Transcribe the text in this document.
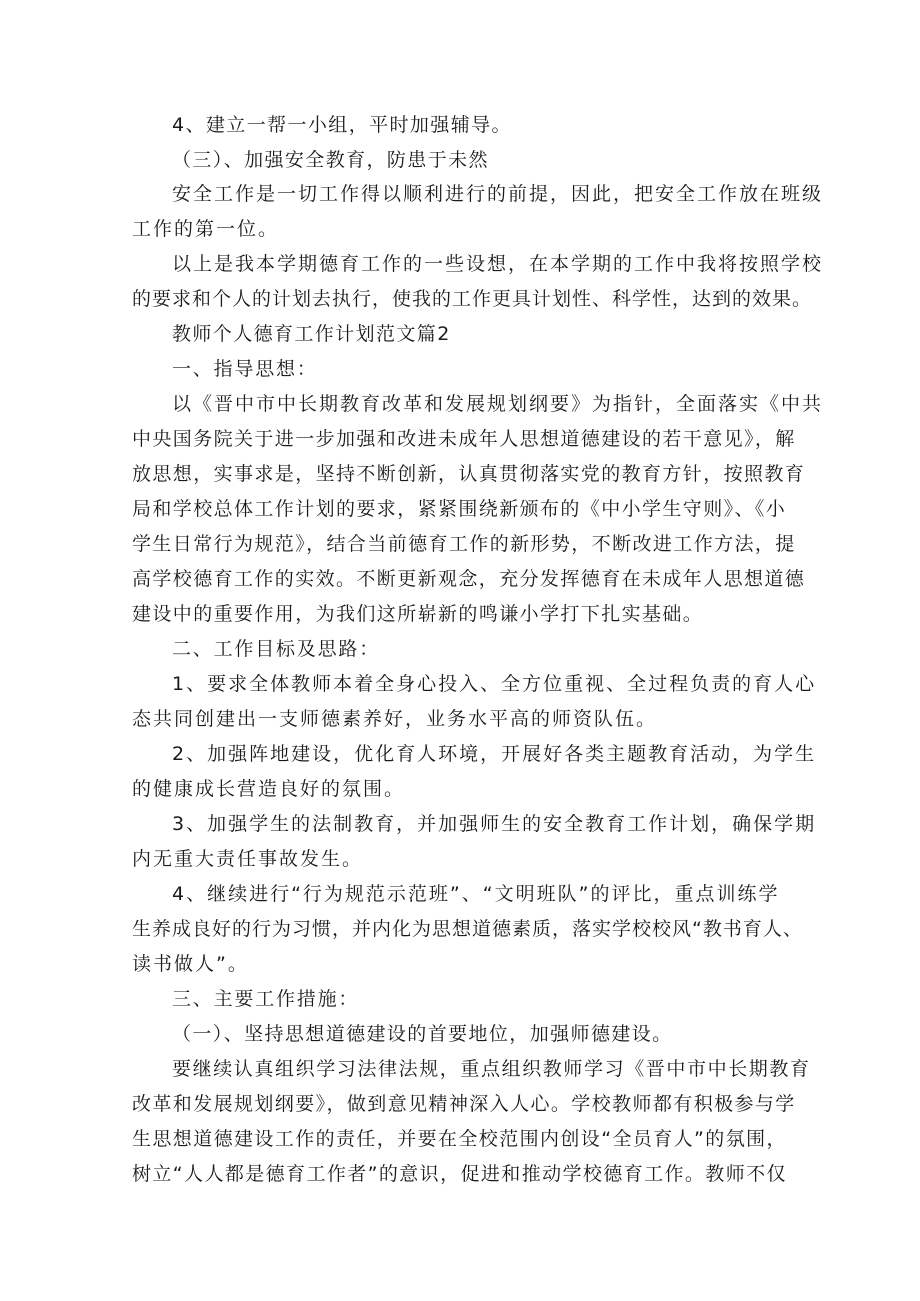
4、建立一帮一小组，平时加强辅导。
（三）、加强安全教育，防患于未然
安全工作是一切工作得以顺利进行的前提，因此，把安全工作放在班级
工作的第一位。
以上是我本学期德育工作的一些设想，在本学期的工作中我将按照学校
的要求和个人的计划去执行，使我的工作更具计划性、科学性，达到的效果。
教师个人德育工作计划范文篇2
一、指导思想：
以《晋中市中长期教育改革和发展规划纲要》为指针，全面落实《中共
中央国务院关于进一步加强和改进未成年人思想道德建设的若干意见》，解
放思想，实事求是，坚持不断创新，认真贯彻落实党的教育方针，按照教育
局和学校总体工作计划的要求，紧紧围绕新颁布的《中小学生守则》、《小
学生日常行为规范》，结合当前德育工作的新形势，不断改进工作方法，提
高学校德育工作的实效。不断更新观念，充分发挥德育在未成年人思想道德
建设中的重要作用，为我们这所崭新的鸣谦小学打下扎实基础。
二、工作目标及思路：
1、要求全体教师本着全身心投入、全方位重视、全过程负责的育人心
态共同创建出一支师德素养好，业务水平高的师资队伍。
2、加强阵地建设，优化育人环境，开展好各类主题教育活动，为学生
的健康成长营造良好的氛围。
3、加强学生的法制教育，并加强师生的安全教育工作计划，确保学期
内无重大责任事故发生。
4、继续进行“行为规范示范班”、“文明班队”的评比，重点训练学
生养成良好的行为习惯，并内化为思想道德素质，落实学校校风“教书育人、
读书做人”。
三、主要工作措施：
（一）、坚持思想道德建设的首要地位，加强师德建设。
要继续认真组织学习法律法规，重点组织教师学习《晋中市中长期教育
改革和发展规划纲要》，做到意见精神深入人心。学校教师都有积极参与学
生思想道德建设工作的责任，并要在全校范围内创设“全员育人”的氛围，
树立“人人都是德育工作者”的意识，促进和推动学校德育工作。教师不仅
